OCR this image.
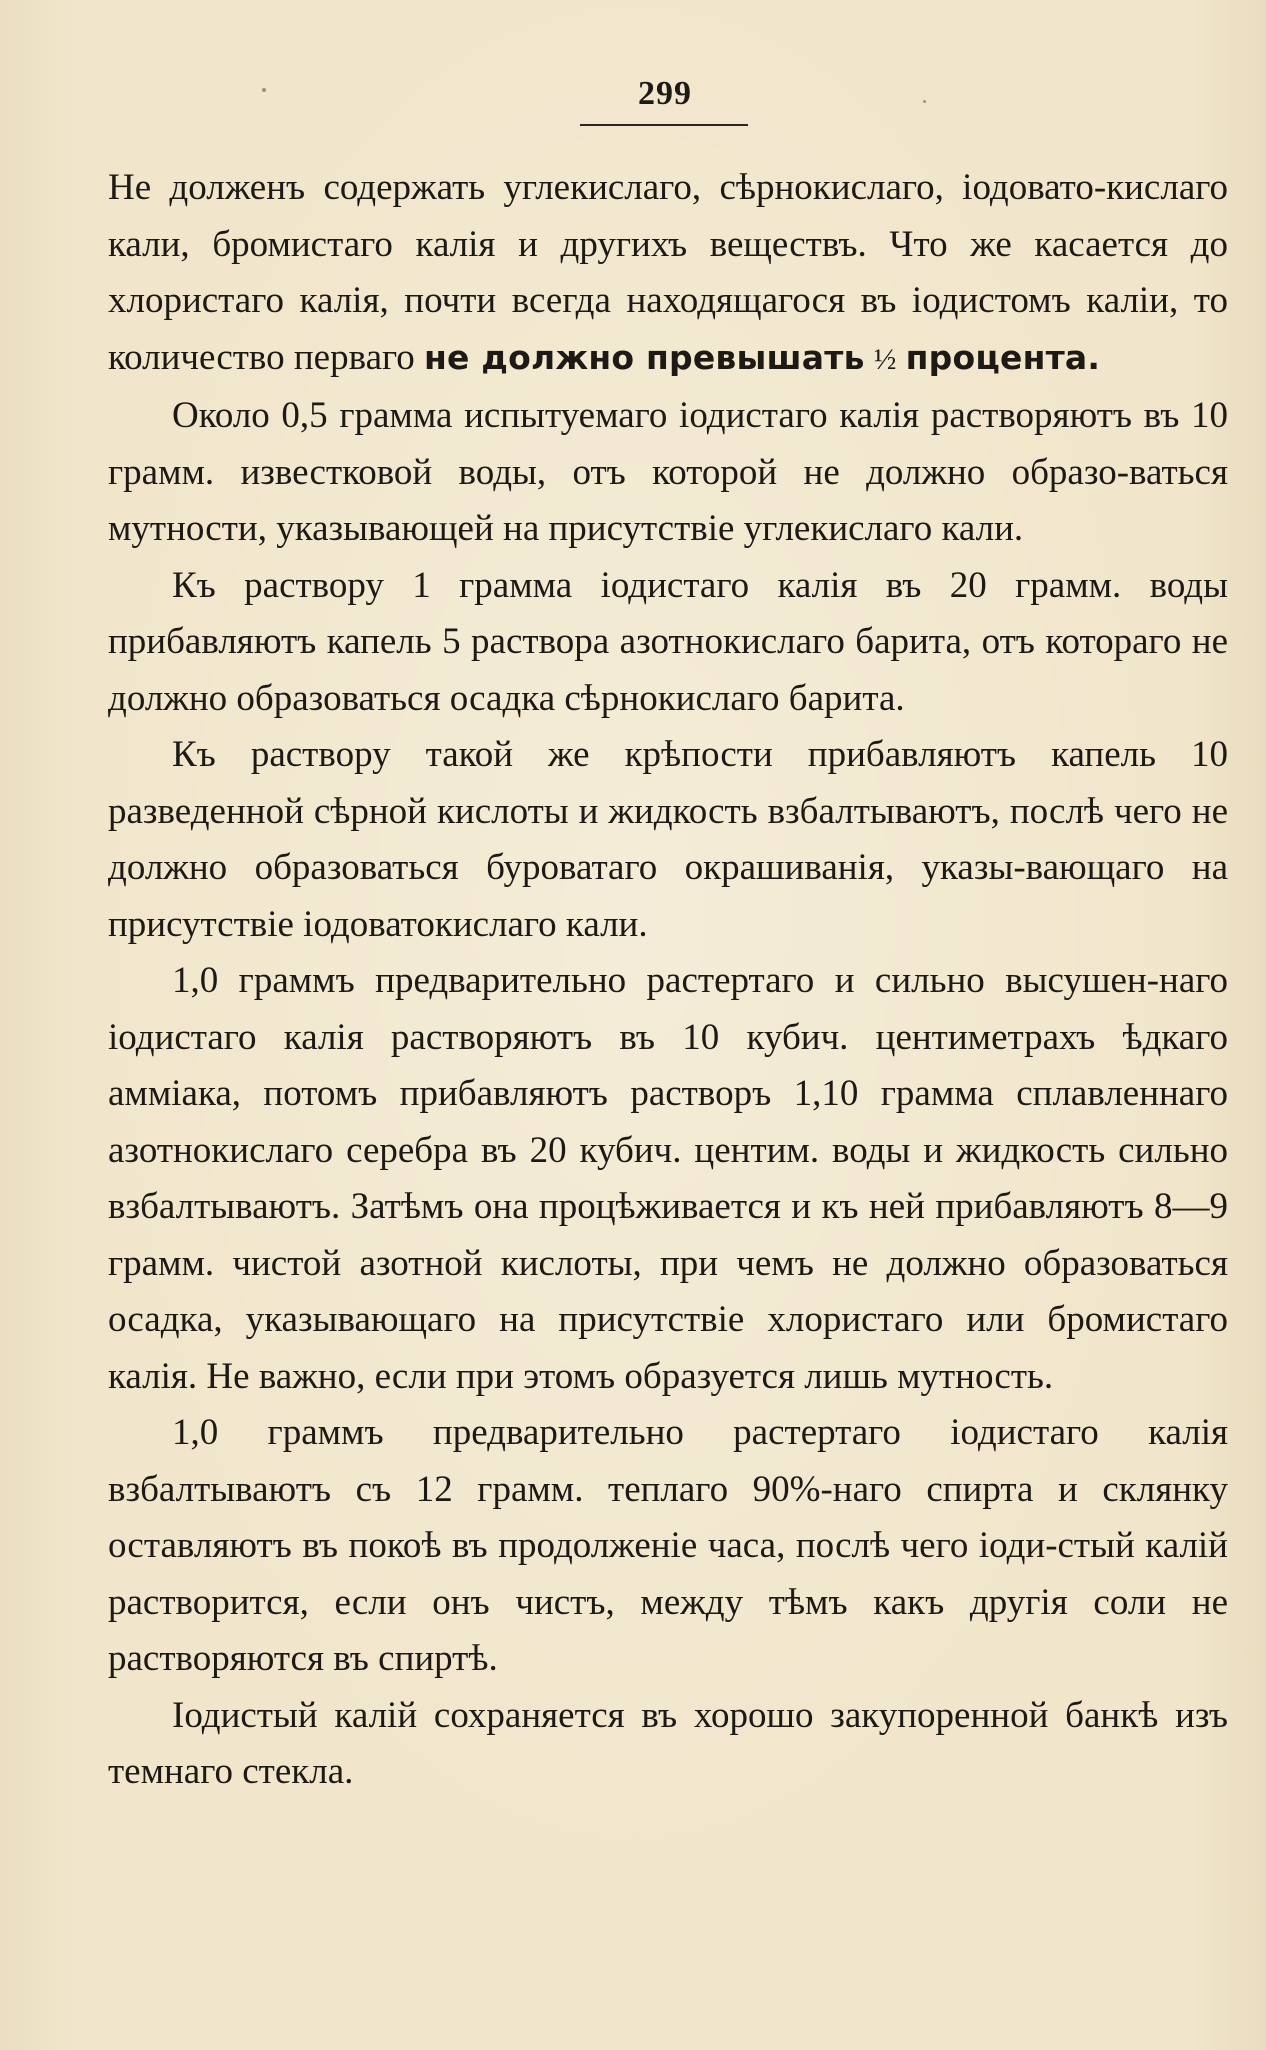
299

Не долженъ содержать углекислаго, сѣрнокислаго, іодовато-кислаго кали, бромистаго калія и другихъ веществъ. Что же касается до хлористаго калія, почти всегда находящагося въ іодистомъ каліи, то количество перваго не должно превышать ½ процента.

Около 0,5 грамма испытуемаго іодистаго калія растворяютъ въ 10 грамм. известковой воды, отъ которой не должно образо-ваться мутности, указывающей на присутствіе углекислаго кали.

Къ раствору 1 грамма іодистаго калія въ 20 грамм. воды прибавляютъ капель 5 раствора азотнокислаго барита, отъ котораго не должно образоваться осадка сѣрнокислаго барита.

Къ раствору такой же крѣпости прибавляютъ капель 10 разведенной сѣрной кислоты и жидкость взбалтываютъ, послѣ чего не должно образоваться буроватаго окрашиванія, указы-вающаго на присутствіе іодоватокислаго кали.

1,0 граммъ предварительно растертаго и сильно высушен-наго іодистаго калія растворяютъ въ 10 кубич. центиметрахъ ѣдкаго амміака, потомъ прибавляютъ растворъ 1,10 грамма сплавленнаго азотнокислаго серебра въ 20 кубич. центим. воды и жидкость сильно взбалтываютъ. Затѣмъ она процѣживается и къ ней прибавляютъ 8—9 грамм. чистой азотной кислоты, при чемъ не должно образоваться осадка, указывающаго на присутствіе хлористаго или бромистаго калія. Не важно, если при этомъ образуется лишь мутность.

1,0 граммъ предварительно растертаго іодистаго калія взбалтываютъ съ 12 грамм. теплаго 90%-наго спирта и склянку оставляютъ въ покоѣ въ продолженіе часа, послѣ чего іоди-стый калій растворится, если онъ чистъ, между тѣмъ какъ другія соли не растворяются въ спиртѣ.

Іодистый калій сохраняется въ хорошо закупоренной банкѣ изъ темнаго стекла.
